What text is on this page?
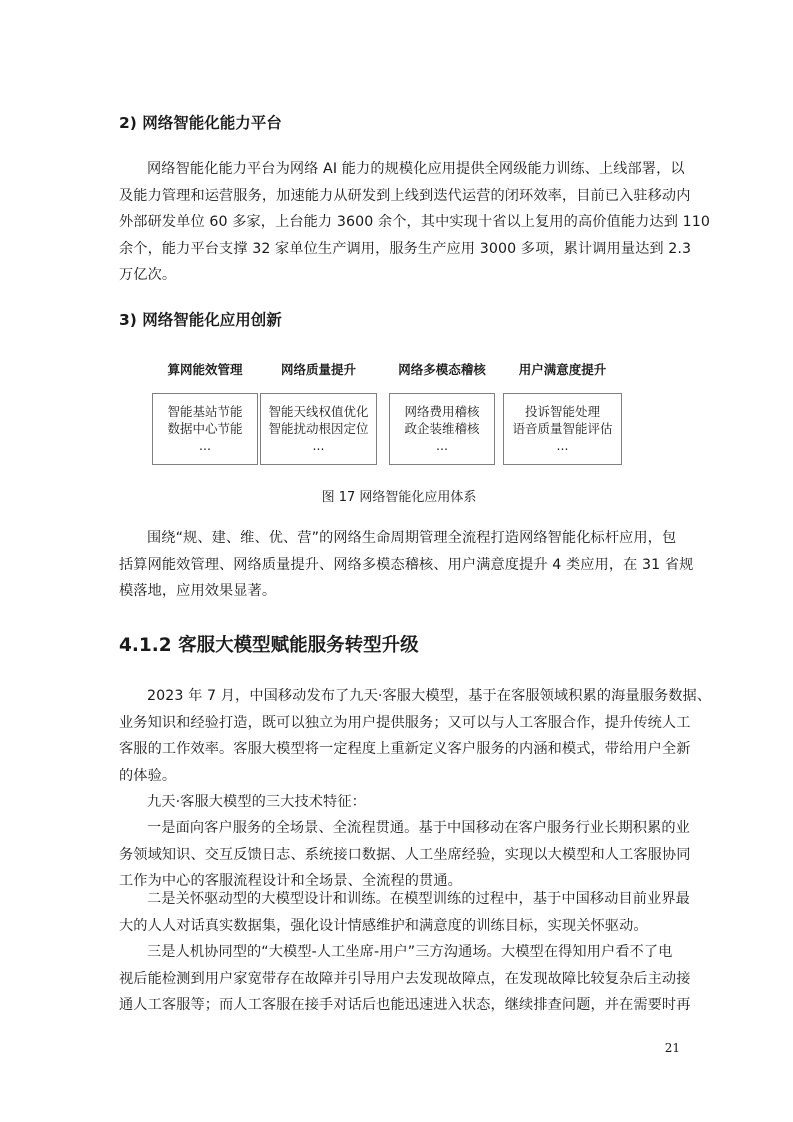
2) 网络智能化能力平台

网络智能化能力平台为网络 AI 能力的规模化应用提供全网级能力训练、上线部署，以
及能力管理和运营服务，加速能力从研发到上线到迭代运营的闭环效率，目前已入驻移动内
外部研发单位 60 多家，上台能力 3600 余个，其中实现十省以上复用的高价值能力达到 110
余个，能力平台支撑 32 家单位生产调用，服务生产应用 3000 多项，累计调用量达到 2.3
万亿次。

3) 网络智能化应用创新
算网能效管理
智能基站节能
数据中心节能
...
网络质量提升
智能天线权值优化
智能扰动根因定位
...
网络多模态稽核
网络费用稽核
政企装维稽核
...
用户满意度提升
投诉智能处理
语音质量智能评估
...
图 17 网络智能化应用体系

围绕“规、建、维、优、营”的网络生命周期管理全流程打造网络智能化标杆应用，包
括算网能效管理、网络质量提升、网络多模态稽核、用户满意度提升 4 类应用，在 31 省规
模落地，应用效果显著。

4.1.2 客服大模型赋能服务转型升级

2023 年 7 月，中国移动发布了九天·客服大模型，基于在客服领域积累的海量服务数据、
业务知识和经验打造，既可以独立为用户提供服务；又可以与人工客服合作，提升传统人工
客服的工作效率。客服大模型将一定程度上重新定义客户服务的内涵和模式，带给用户全新
的体验。

九天·客服大模型的三大技术特征：

一是面向客户服务的全场景、全流程贯通。基于中国移动在客户服务行业长期积累的业
务领域知识、交互反馈日志、系统接口数据、人工坐席经验，实现以大模型和人工客服协同
工作为中心的客服流程设计和全场景、全流程的贯通。

二是关怀驱动型的大模型设计和训练。在模型训练的过程中，基于中国移动目前业界最
大的人人对话真实数据集，强化设计情感维护和满意度的训练目标，实现关怀驱动。

三是人机协同型的“大模型-人工坐席-用户”三方沟通场。大模型在得知用户看不了电
视后能检测到用户家宽带存在故障并引导用户去发现故障点，在发现故障比较复杂后主动接
通人工客服等；而人工客服在接手对话后也能迅速进入状态，继续排查问题，并在需要时再

21
